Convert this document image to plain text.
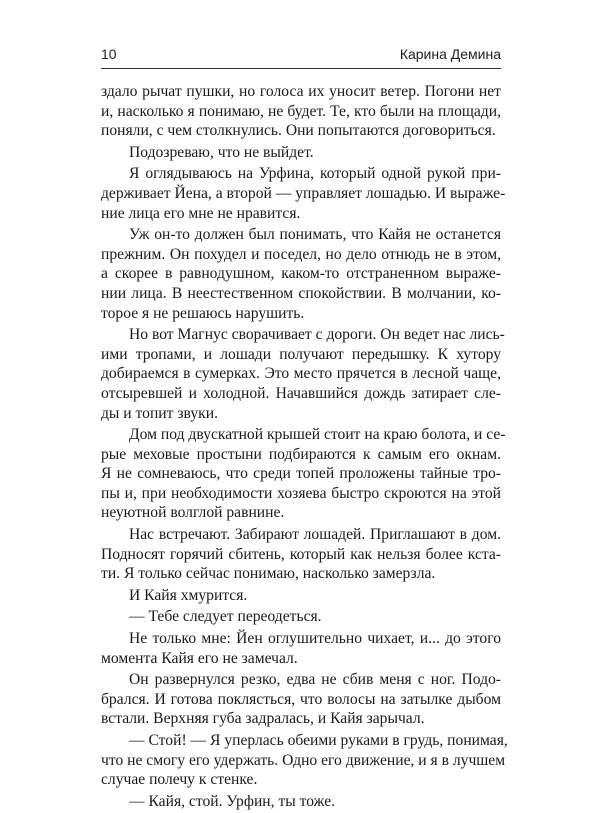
10	Карина Демина
здало рычат пушки, но голоса их уносит ветер. Погони нет
и, насколько я понимаю, не будет. Те, кто были на площади,
поняли, с чем столкнулись. Они попытаются договориться.
Подозреваю, что не выйдет.
Я оглядываюсь на Урфина, который одной рукой при-
держивает Йена, а второй — управляет лошадью. И выраже-
ние лица его мне не нравится.
Уж он-то должен был понимать, что Кайя не останется
прежним. Он похудел и поседел, но дело отнюдь не в этом,
а скорее в равнодушном, каком-то отстраненном выраже-
нии лица. В неестественном спокойствии. В молчании, ко-
торое я не решаюсь нарушить.
Но вот Магнус сворачивает с дороги. Он ведет нас лись-
ими тропами, и лошади получают передышку. К хутору
добираемся в сумерках. Это место прячется в лесной чаще,
отсыревшей и холодной. Начавшийся дождь затирает сле-
ды и топит звуки.
Дом под двускатной крышей стоит на краю болота, и се-
рые меховые простыни подбираются к самым его окнам.
Я не сомневаюсь, что среди топей проложены тайные тро-
пы и, при необходимости хозяева быстро скроются на этой
неуютной волглой равнине.
Нас встречают. Забирают лошадей. Приглашают в дом.
Подносят горячий сбитень, который как нельзя более кста-
ти. Я только сейчас понимаю, насколько замерзла.
И Кайя хмурится.
— Тебе следует переодеться.
Не только мне: Йен оглушительно чихает, и... до этого
момента Кайя его не замечал.
Он развернулся резко, едва не сбив меня с ног. Подо-
брался. И готова поклясться, что волосы на затылке дыбом
встали. Верхняя губа задралась, и Кайя зарычал.
— Стой! — Я уперлась обеими руками в грудь, понимая,
что не смогу его удержать. Одно его движение, и я в лучшем
случае полечу к стенке.
— Кайя, стой. Урфин, ты тоже.
